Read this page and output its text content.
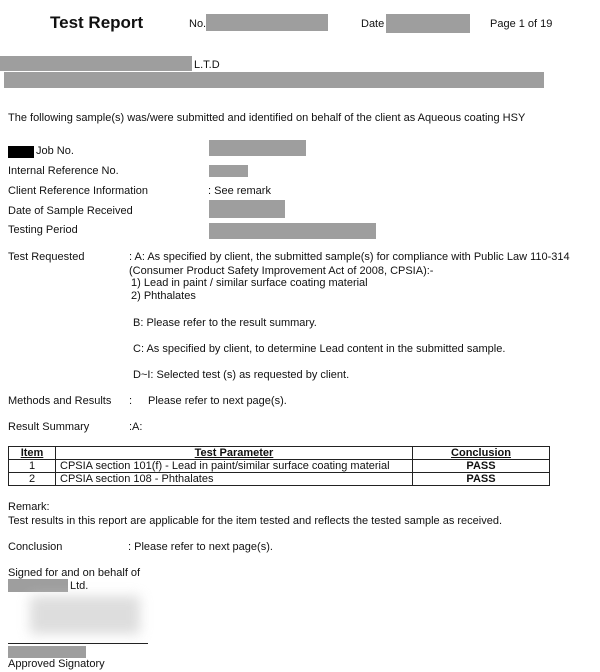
Test Report	No.	Date	Page 1 of 19
L.T.D
The following sample(s) was/were submitted and identified on behalf of the client as Aqueous coating HSY
Job No.
Internal Reference No.
Client Reference Information	: See remark
Date of Sample Received
Testing Period
Test Requested	: A: As specified by client, the submitted sample(s) for compliance with Public Law 110-314
(Consumer Product Safety Improvement Act of 2008, CPSIA):-
1) Lead in paint / similar surface coating material
2) Phthalates
B: Please refer to the result summary.
C: As specified by client, to determine Lead content in the submitted sample.
D~I: Selected test (s) as requested by client.
Methods and Results : Please refer to next page(s).
Result Summary	:A:
Item	Test Parameter	Conclusion
1	CPSIA section 101(f) - Lead in paint/similar surface coating material	PASS
2	CPSIA section 108 - Phthalates	PASS
Remark:
Test results in this report are applicable for the item tested and reflects the tested sample as received.
Conclusion	: Please refer to next page(s).
Signed for and on behalf of
Ltd.
Approved Signatory
